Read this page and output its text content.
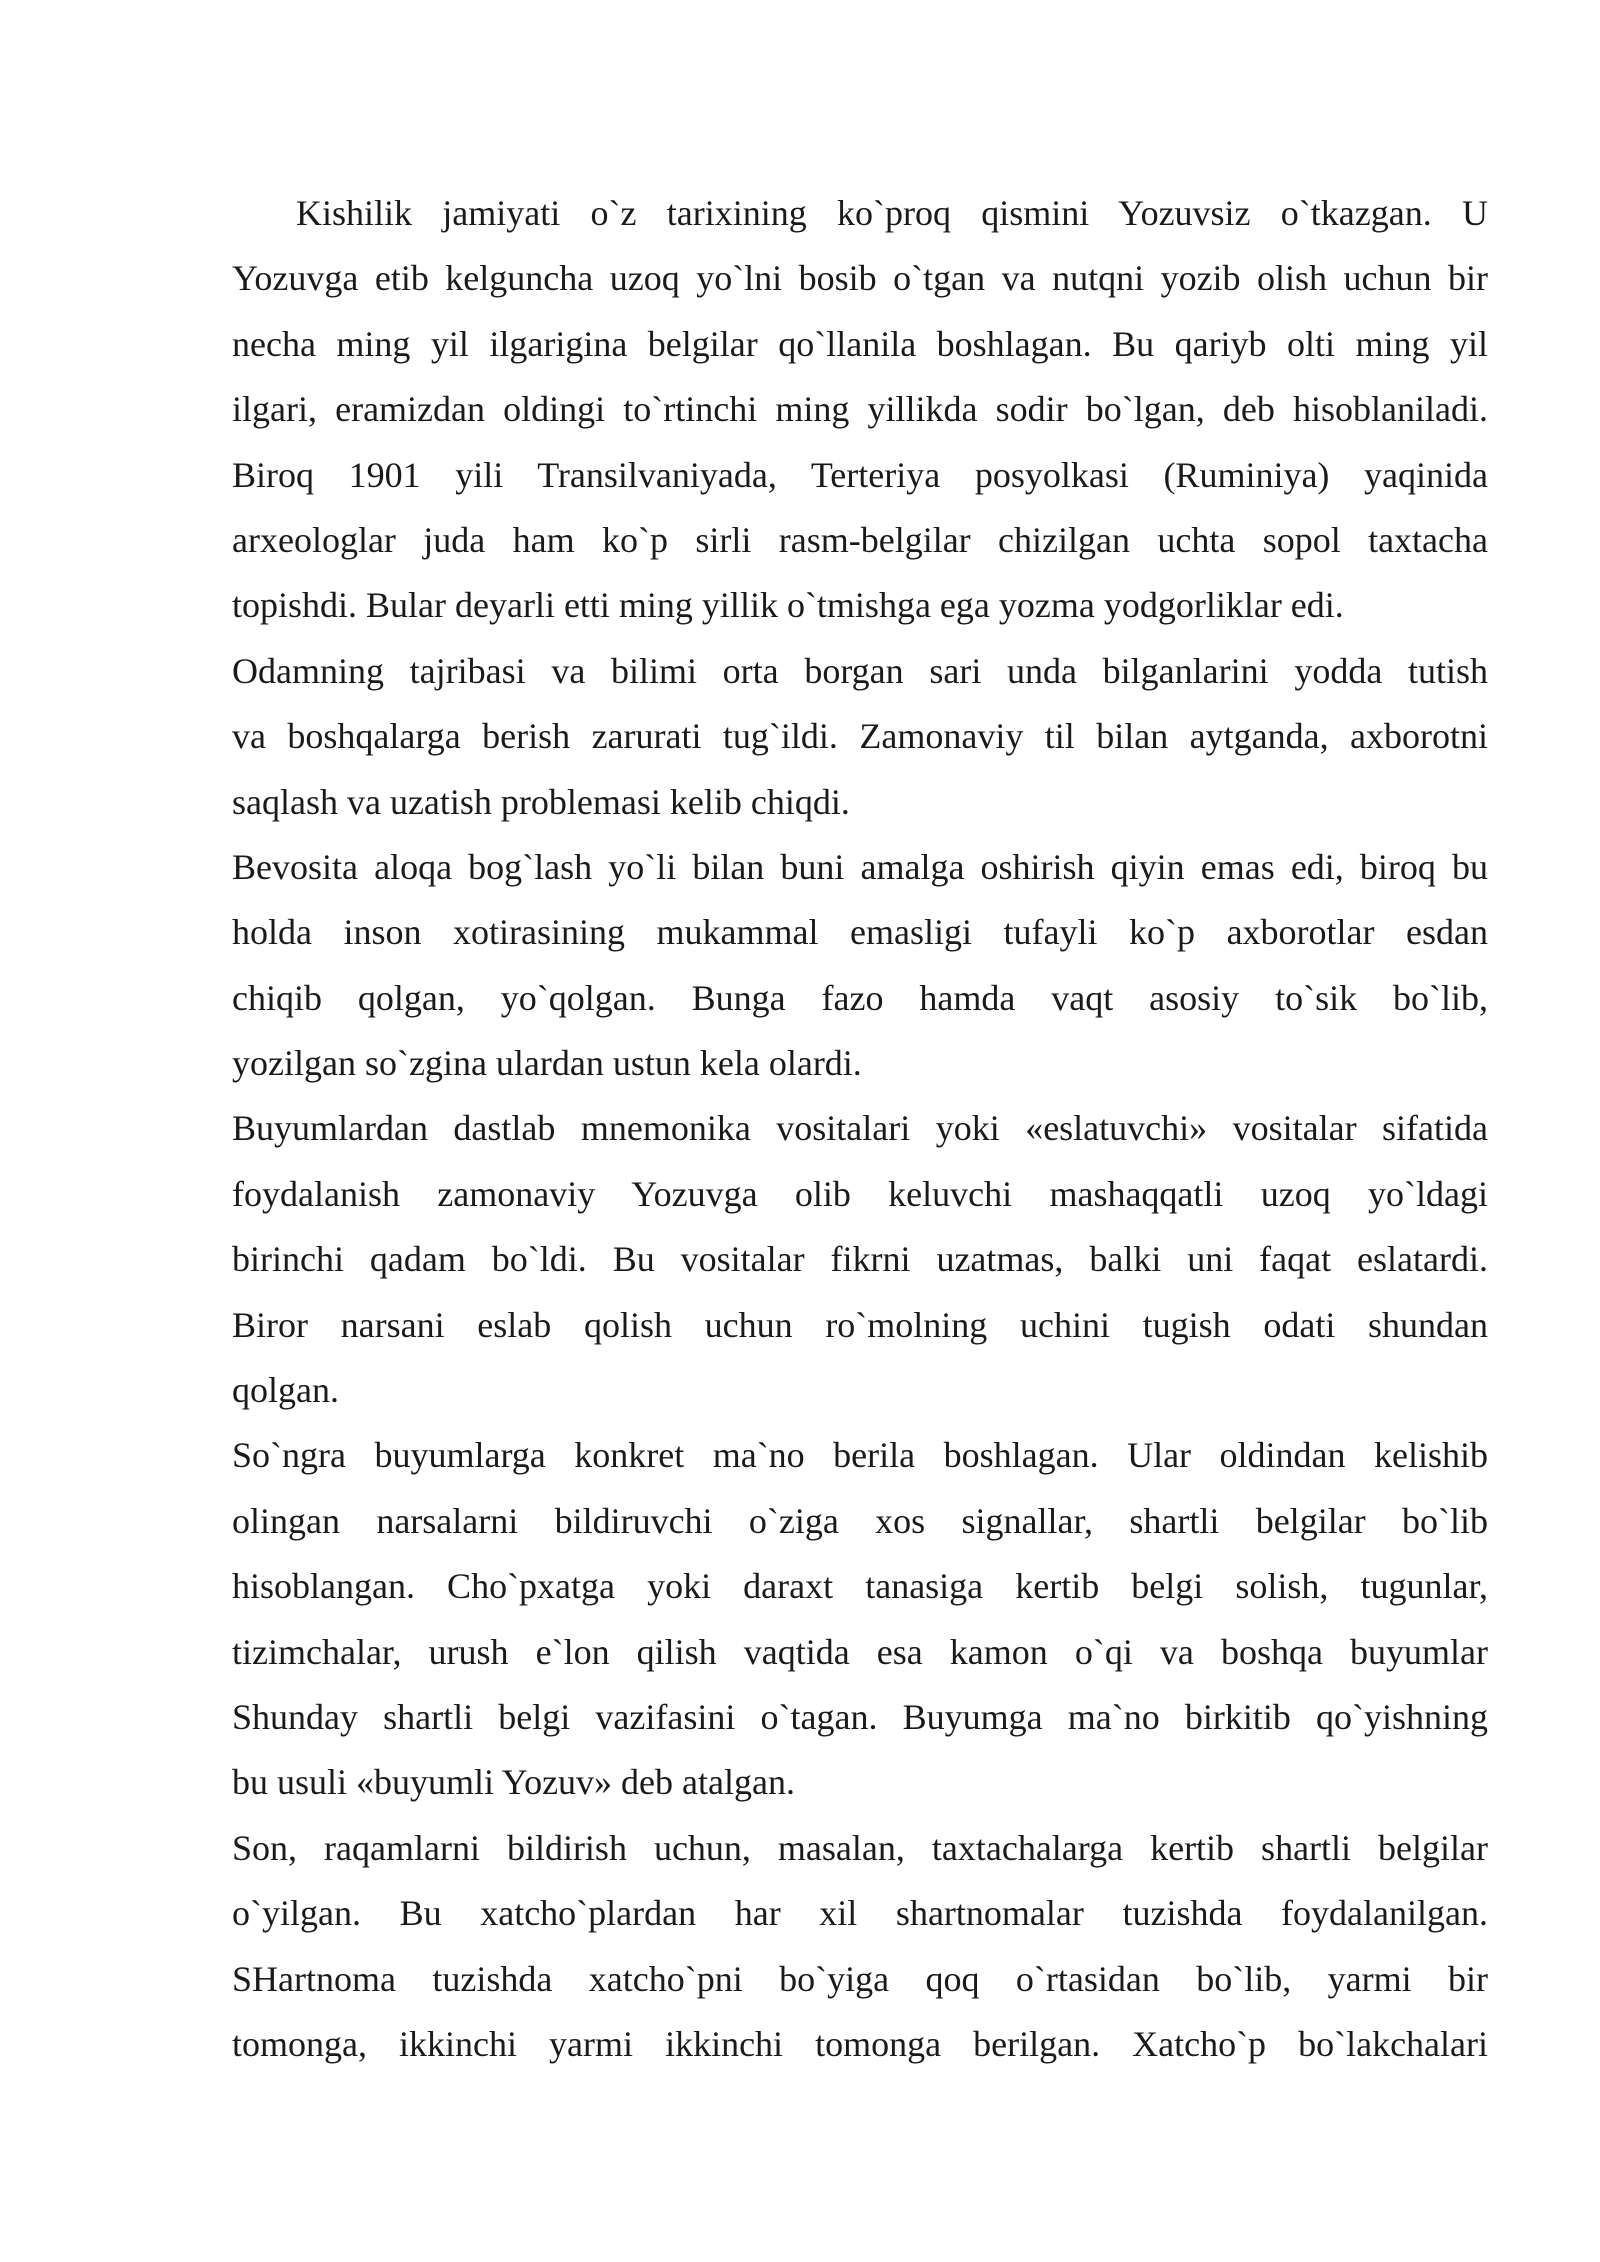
Kishilik jamiyati o`z tarixining ko`proq qismini Yozuvsiz o`tkazgan. U
Yozuvga etib kelguncha uzoq yo`lni bosib o`tgan va nutqni yozib olish uchun bir
necha ming yil ilgarigina belgilar qo`llanila boshlagan. Bu qariyb olti ming yil
ilgari, eramizdan oldingi to`rtinchi ming yillikda sodir bo`lgan, deb hisoblaniladi.
Biroq 1901 yili Transilvaniyada, Terteriya posyolkasi (Ruminiya) yaqinida
arxeologlar juda ham ko`p sirli rasm-belgilar chizilgan uchta sopol taxtacha
topishdi. Bular deyarli etti ming yillik o`tmishga ega yozma yodgorliklar edi.
Odamning tajribasi va bilimi orta borgan sari unda bilganlarini yodda tutish
va boshqalarga berish zarurati tug`ildi. Zamonaviy til bilan aytganda, axborotni
saqlash va uzatish problemasi kelib chiqdi.
Bevosita aloqa bog`lash yo`li bilan buni amalga oshirish qiyin emas edi, biroq bu
holda inson xotirasining mukammal emasligi tufayli ko`p axborotlar esdan
chiqib qolgan, yo`qolgan. Bunga fazo hamda vaqt asosiy to`sik bo`lib,
yozilgan so`zgina ulardan ustun kela olardi.
Buyumlardan dastlab mnemonika vositalari yoki «eslatuvchi» vositalar sifatida
foydalanish zamonaviy Yozuvga olib keluvchi mashaqqatli uzoq yo`ldagi
birinchi qadam bo`ldi. Bu vositalar fikrni uzatmas, balki uni faqat eslatardi.
Biror narsani eslab qolish uchun ro`molning uchini tugish odati shundan
qolgan.
So`ngra buyumlarga konkret ma`no berila boshlagan. Ular oldindan kelishib
olingan narsalarni bildiruvchi o`ziga xos signallar, shartli belgilar bo`lib
hisoblangan. Cho`pxatga yoki daraxt tanasiga kertib belgi solish, tugunlar,
tizimchalar, urush e`lon qilish vaqtida esa kamon o`qi va boshqa buyumlar
Shunday shartli belgi vazifasini o`tagan. Buyumga ma`no birkitib qo`yishning
bu usuli «buyumli Yozuv» deb atalgan.
Son, raqamlarni bildirish uchun, masalan, taxtachalarga kertib shartli belgilar
o`yilgan. Bu xatcho`plardan har xil shartnomalar tuzishda foydalanilgan.
SHartnoma tuzishda xatcho`pni bo`yiga qoq o`rtasidan bo`lib, yarmi bir
tomonga, ikkinchi yarmi ikkinchi tomonga berilgan. Xatcho`p bo`lakchalari
